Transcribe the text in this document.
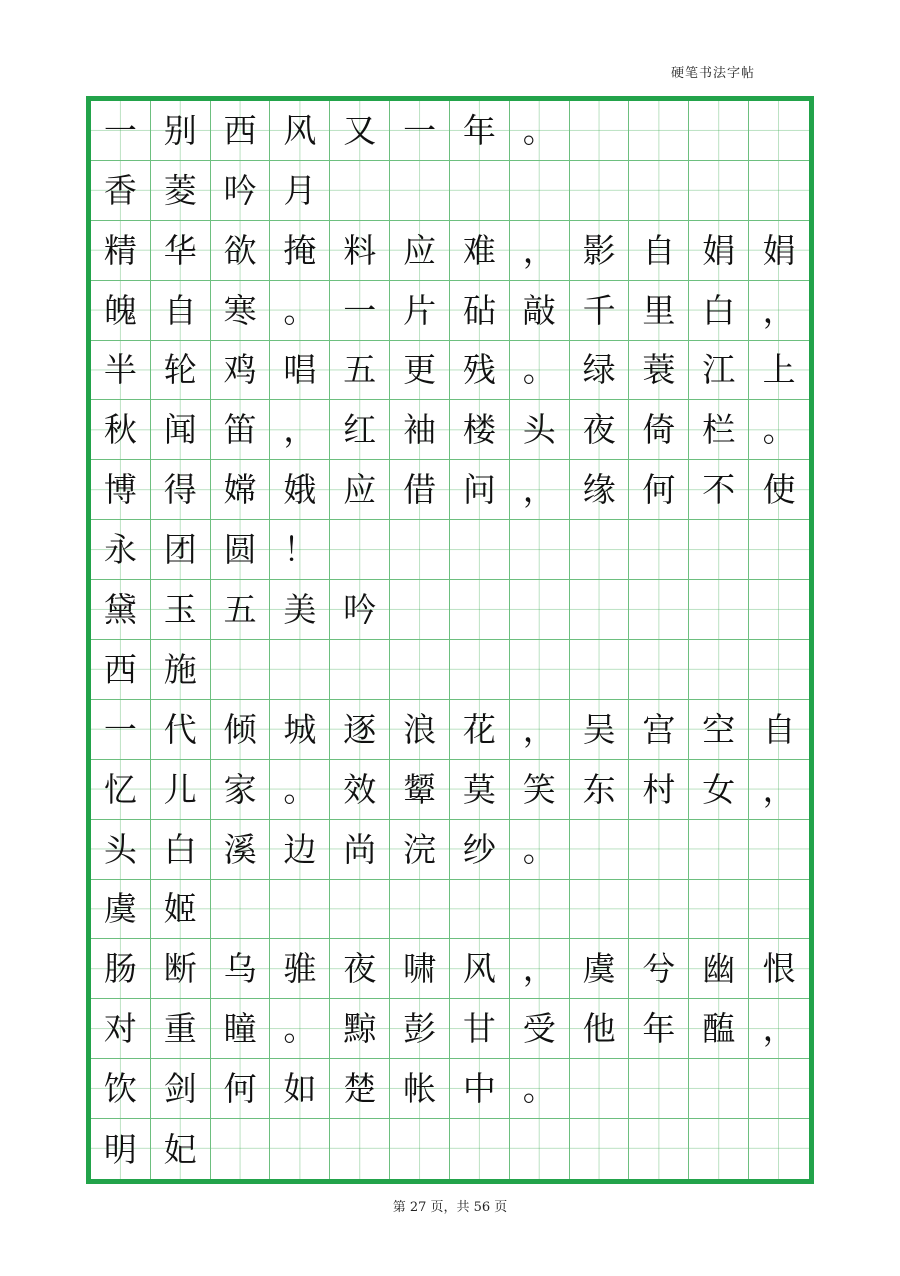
硬笔书法字帖
一 别 西 风 又 一 年 。
香 菱 吟 月
精 华 欲 掩 料 应 难 ， 影 自 娟 娟
魄 自 寒 。 一 片 砧 敲 千 里 白 ，
半 轮 鸡 唱 五 更 残 。 绿 蓑 江 上
秋 闻 笛 ， 红 袖 楼 头 夜 倚 栏 。
博 得 嫦 娥 应 借 问 ， 缘 何 不 使
永 团 圆 ！
黛 玉 五 美 吟
西 施
一 代 倾 城 逐 浪 花 ， 吴 宫 空 自
忆 儿 家 。 效 颦 莫 笑 东 村 女 ，
头 白 溪 边 尚 浣 纱 。
虞 姬
肠 断 乌 骓 夜 啸 风 ， 虞 兮 幽 恨
对 重 瞳 。 黥 彭 甘 受 他 年 醢 ，
饮 剑 何 如 楚 帐 中 。
明 妃
第 27 页，共 56 页
